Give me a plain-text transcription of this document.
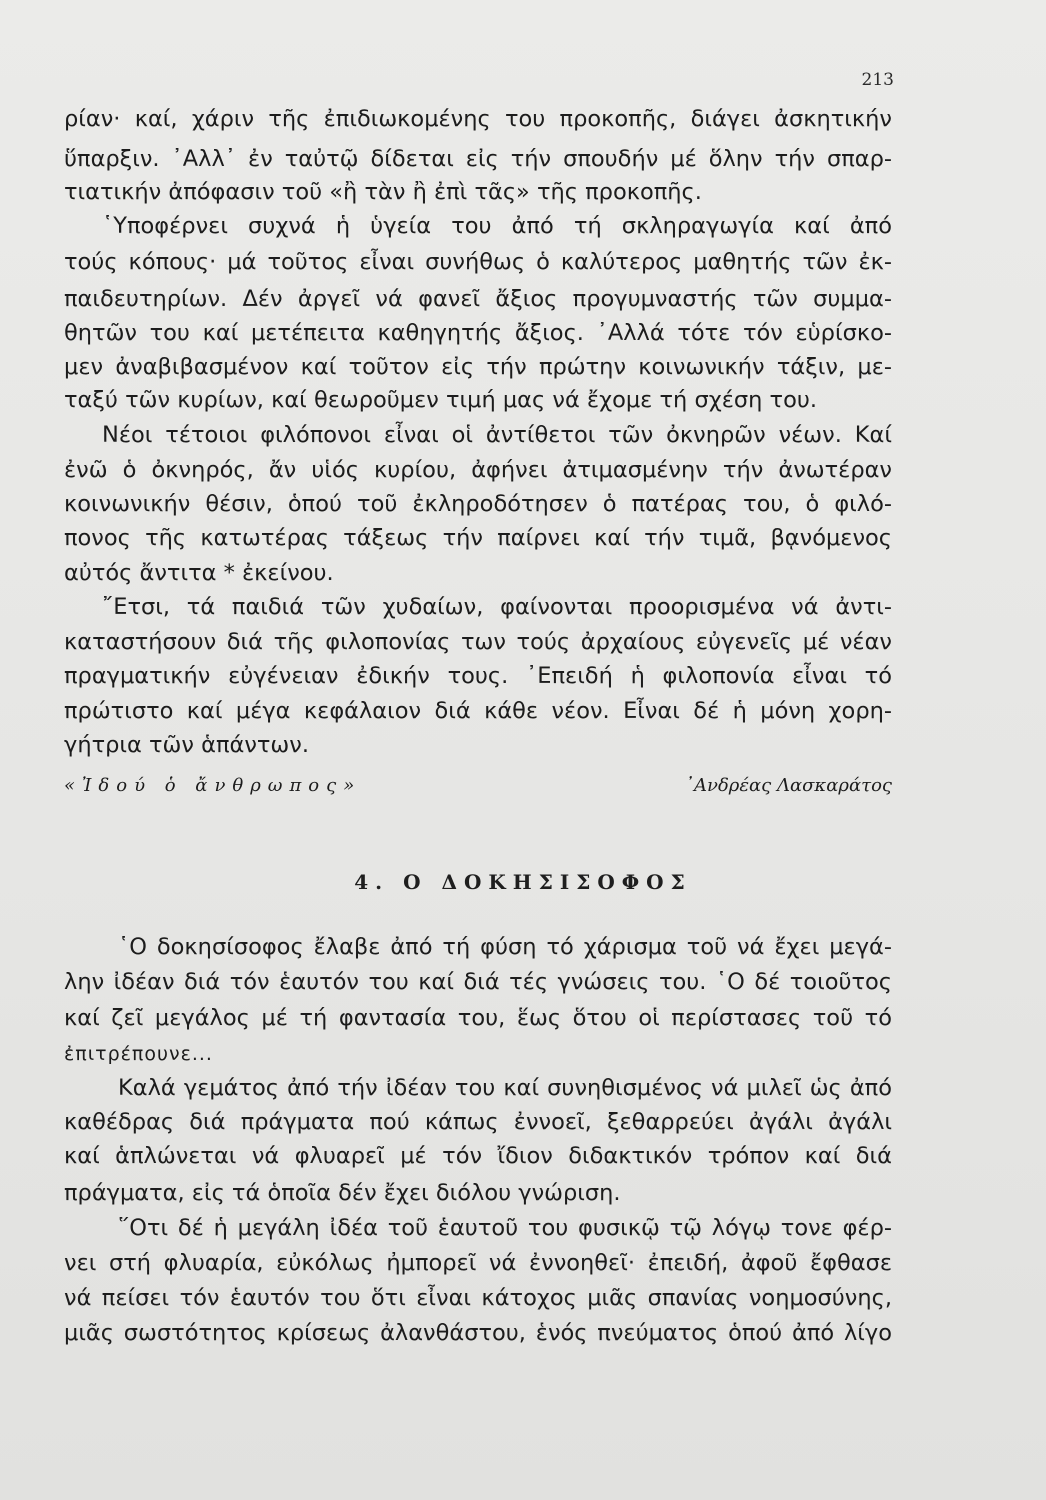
213
ρίαν· καί, χάριν τῆς ἐπιδιωκομένης του προκοπῆς, διάγει ἀσκητικήν
ὕπαρξιν. ᾽Αλλ᾽ ἐν ταὐτῷ δίδεται εἰς τήν σπουδήν μέ ὅλην τήν σπαρ-
τιατικήν ἀπόφασιν τοῦ «ἢ τὰν ἢ ἐπὶ τᾶς» τῆς προκοπῆς.
῾Υποφέρνει συχνά ἡ ὑγεία του ἀπό τή σκληραγωγία καί ἀπό
τούς κόπους· μά τοῦτος εἶναι συνήθως ὁ καλύτερος μαθητής τῶν ἐκ-
παιδευτηρίων. Δέν ἀργεῖ νά φανεῖ ἄξιος προγυμναστής τῶν συμμα-
θητῶν του καί μετέπειτα καθηγητής ἄξιος. ᾽Αλλά τότε τόν εὑρίσκο-
μεν ἀναβιβασμένον καί τοῦτον εἰς τήν πρώτην κοινωνικήν τάξιν, με-
ταξύ τῶν κυρίων, καί θεωροῦμεν τιμή μας νά ἔχομε τή σχέση του.
Νέοι τέτοιοι φιλόπονοι εἶναι οἱ ἀντίθετοι τῶν ὀκνηρῶν νέων. Καί
ἐνῶ ὁ ὀκνηρός, ἄν υἱός κυρίου, ἀφήνει ἀτιμασμένην τήν ἀνωτέραν
κοινωνικήν θέσιν, ὁπού τοῦ ἐκληροδότησεν ὁ πατέρας του, ὁ φιλό-
πονος τῆς κατωτέρας τάξεως τήν παίρνει καί τήν τιμᾶ, βᾳνόμενος
αὐτός ἄντιτα * ἐκείνου.
῎Ετσι, τά παιδιά τῶν χυδαίων, φαίνονται προορισμένα νά ἀντι-
καταστήσουν διά τῆς φιλοπονίας των τούς ἀρχαίους εὐγενεῖς μέ νέαν
πραγματικήν εὐγένειαν ἐδικήν τους. ᾽Επειδή ἡ φιλοπονία εἶναι τό
πρώτιστο καί μέγα κεφάλαιον διά κάθε νέον. Εἶναι δέ ἡ μόνη χορη-
γήτρια τῶν ἁπάντων.
«Ἰδού ὁ ἄνθρωπος»	᾽Ανδρέας Λασκαράτος
4. Ο ΔΟΚΗΣΙΣΟΦΟΣ
῾Ο δοκησίσοφος ἔλαβε ἀπό τή φύση τό χάρισμα τοῦ νά ἔχει μεγά-
λην ἰδέαν διά τόν ἑαυτόν του καί διά τές γνώσεις του. ῾Ο δέ τοιοῦτος
καί ζεῖ μεγάλος μέ τή φαντασία του, ἕως ὅτου οἱ περίστασες τοῦ τό
ἐπιτρέπουνε...
Καλά γεμάτος ἀπό τήν ἰδέαν του καί συνηθισμένος νά μιλεῖ ὡς ἀπό
καθέδρας διά πράγματα πού κάπως ἐννοεῖ, ξεθαρρεύει ἀγάλι ἀγάλι
καί ἁπλώνεται νά φλυαρεῖ μέ τόν ἴδιον διδακτικόν τρόπον καί διά
πράγματα, εἰς τά ὁποῖα δέν ἔχει διόλου γνώριση.
῞Οτι δέ ἡ μεγάλη ἰδέα τοῦ ἑαυτοῦ του φυσικῷ τῷ λόγῳ τονε φέρ-
νει στή φλυαρία, εὐκόλως ἠμπορεῖ νά ἐννοηθεῖ· ἐπειδή, ἀφοῦ ἔφθασε
νά πείσει τόν ἑαυτόν του ὅτι εἶναι κάτοχος μιᾶς σπανίας νοημοσύνης,
μιᾶς σωστότητος κρίσεως ἀλανθάστου, ἑνός πνεύματος ὁπού ἀπό λίγο
